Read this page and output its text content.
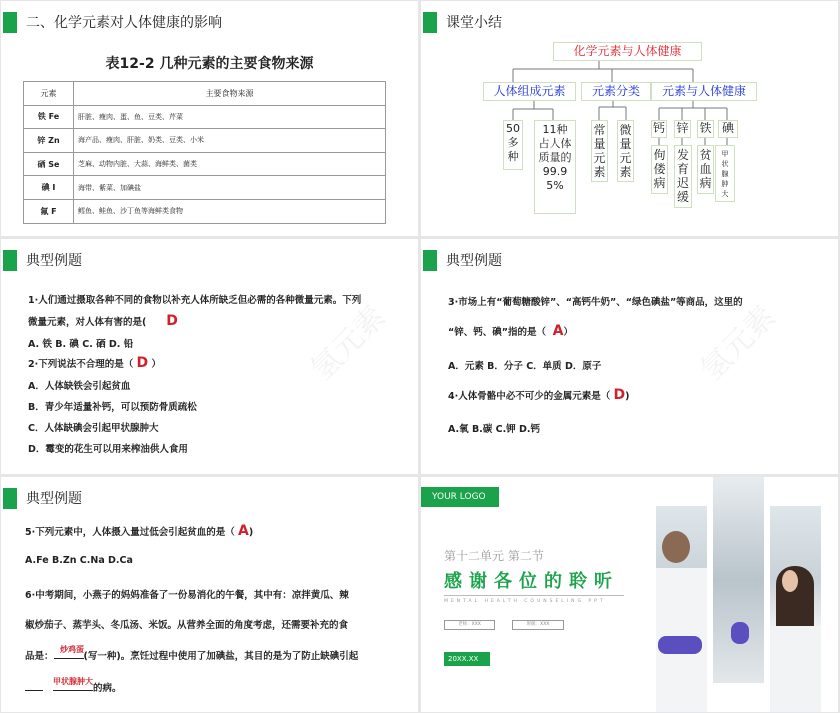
二、化学元素对人体健康的影响
表12-2 几种元素的主要食物来源
元素	主要食物来源
铁 Fe	肝脏、瘦肉、蛋、鱼、豆类、芹菜
锌 Zn	海产品、瘦肉、肝脏、奶类、豆类、小米
硒 Se	芝麻、动物内脏、大蒜、海鲜类、菌类
碘 I	海带、紫菜、加碘盐
氟 F	鳕鱼、鲑鱼、沙丁鱼等海鲜类食物
课堂小结
化学元素与人体健康
人体组成元素	元素分类	元素与人体健康
50多种
11种占人体质量的99.95%
常量元素
微量元素
钙 锌 铁 碘
佝偻病
发育迟缓
贫血病
甲状腺肿大
典型例题
氢元素
1·人们通过摄取各种不同的食物以补充人体所缺乏但必需的各种微量元素。下列
微量元素，对人体有害的是( D
A. 铁 B. 碘 C. 硒 D. 铅
2·下列说法不合理的是（ D ）
A．人体缺铁会引起贫血
B．青少年适量补钙，可以预防骨质疏松
C．人体缺碘会引起甲状腺肿大
D．霉变的花生可以用来榨油供人食用
典型例题
氢元素
3·市场上有“葡萄糖酸锌”、“高钙牛奶”、“绿色碘盐”等商品，这里的
“锌、钙、碘”指的是（ A）
A．元素 B．分子 C．单质 D．原子
4·人体骨骼中必不可少的金属元素是（ D)
A.氧 B.碳 C.钾 D.钙
典型例题
5·下列元素中，人体摄入量过低会引起贫血的是（ A)
A.Fe B.Zn C.Na D.Ca
6·中考期间，小燕子的妈妈准备了一份易消化的午餐，其中有：凉拌黄瓜、辣
椒炒茄子、蒸芋头、冬瓜汤、米饭。从营养全面的角度考虑，还需要补充的食
品是：	(写一种)。烹饪过程中使用了加碘盐，其目的是为了防止缺碘引起
炒鸡蛋
的病。
甲状腺肿大
YOUR LOGO
第十二单元 第二节
感谢各位的聆听
MENTAL HEALTH COUNSELING PPT
老师：XXX	班级：XXX
20XX.XX
